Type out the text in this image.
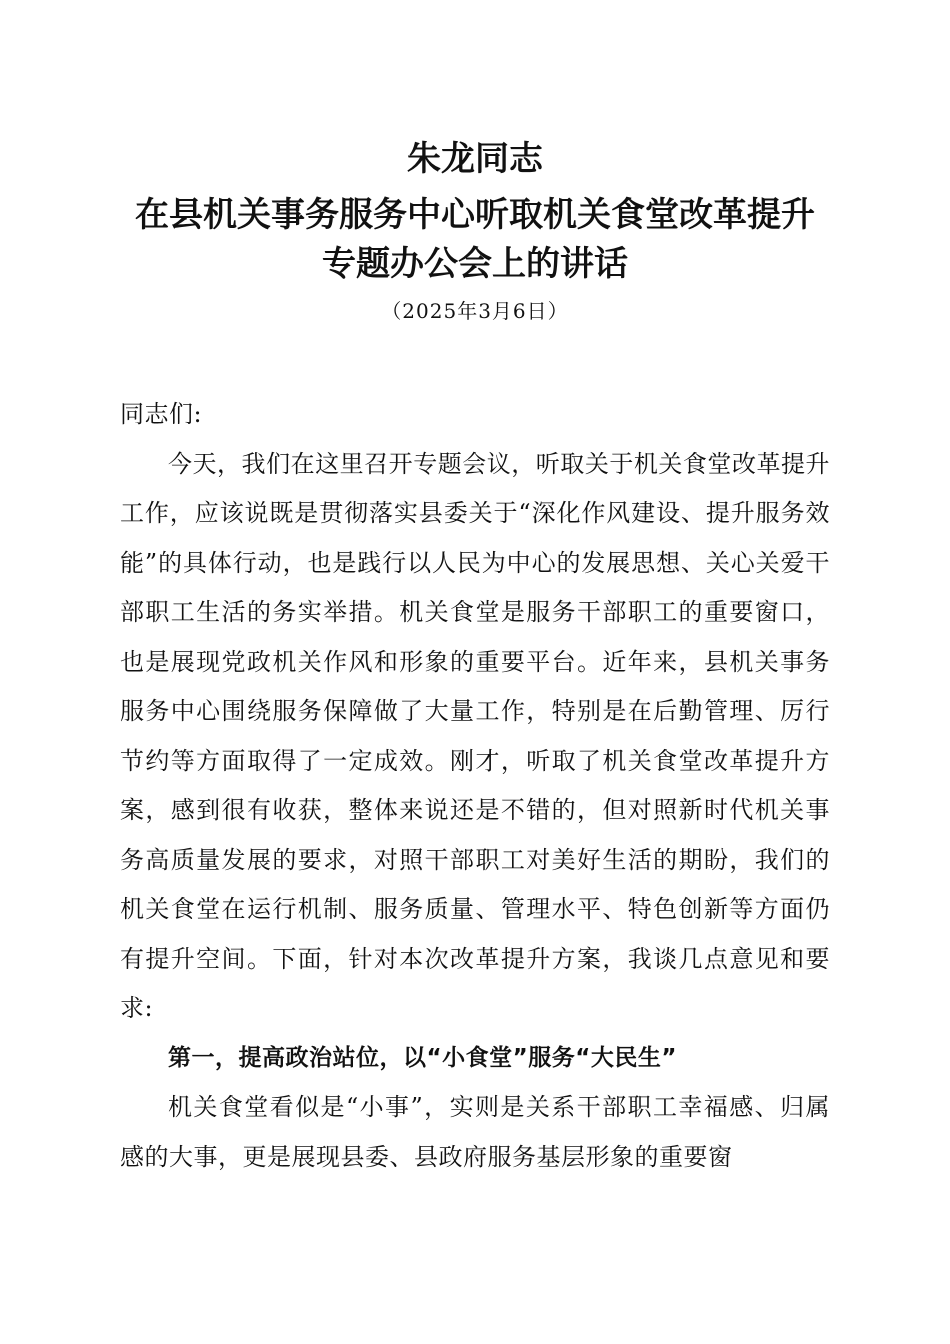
朱龙同志
在县机关事务服务中心听取机关食堂改革提升
专题办公会上的讲话

（2025年3月6日）

同志们:

今天，我们在这里召开专题会议，听取关于机关食堂改革提升工作，应该说既是贯彻落实县委关于“深化作风建设、提升服务效能”的具体行动，也是践行以人民为中心的发展思想、关心关爱干部职工生活的务实举措。机关食堂是服务干部职工的重要窗口，也是展现党政机关作风和形象的重要平台。近年来，县机关事务服务中心围绕服务保障做了大量工作，特别是在后勤管理、厉行节约等方面取得了一定成效。刚才，听取了机关食堂改革提升方案，感到很有收获，整体来说还是不错的，但对照新时代机关事务高质量发展的要求，对照干部职工对美好生活的期盼，我们的机关食堂在运行机制、服务质量、管理水平、特色创新等方面仍有提升空间。下面，针对本次改革提升方案，我谈几点意见和要求:

第一，提高政治站位，以“小食堂”服务“大民生”

机关食堂看似是“小事”，实则是关系干部职工幸福感、归属感的大事，更是展现县委、县政府服务基层形象的重要窗
